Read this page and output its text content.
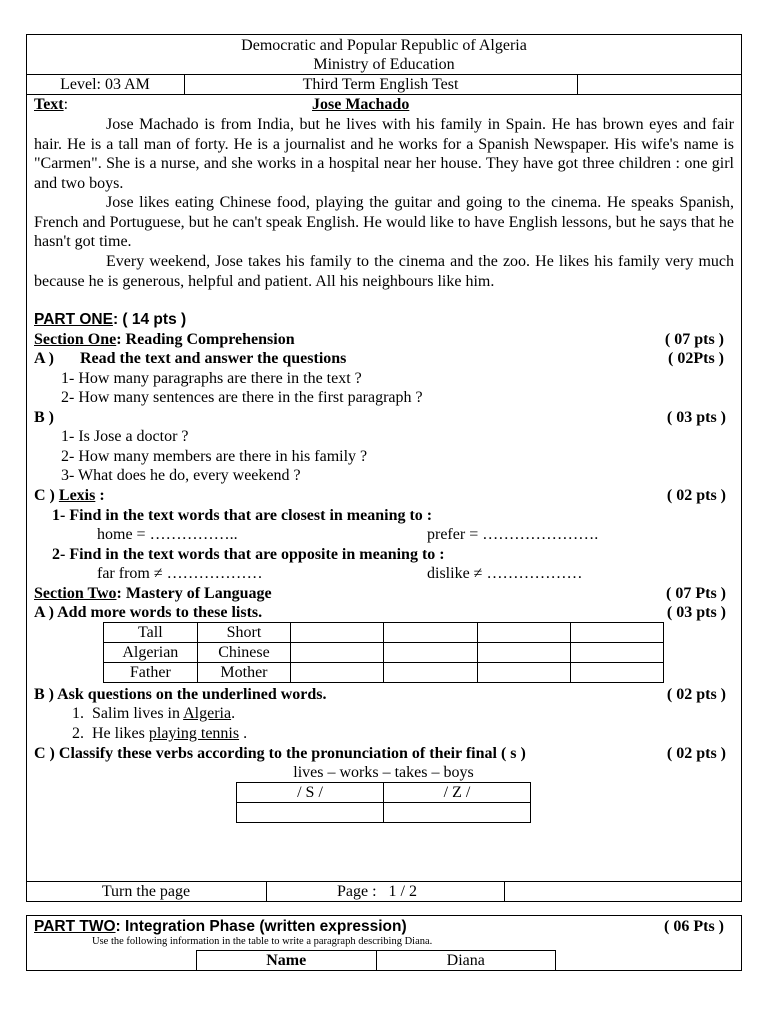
Democratic and Popular Republic of Algeria
Ministry of Education
Level: 03 AM	Third Term English Test
Text:	Jose Machado
Jose Machado is from India, but he lives with his family in Spain. He has brown eyes and fair hair. He is a tall man of forty. He is a journalist and he works for a Spanish Newspaper. His wife's name is "Carmen". She is a nurse, and she works in a hospital near her house. They have got three children : one girl and two boys.
Jose likes eating Chinese food, playing the guitar and going to the cinema. He speaks Spanish, French and Portuguese, but he can't speak English. He would like to have English lessons, but he says that he hasn't got time.
Every weekend, Jose takes his family to the cinema and the zoo. He likes his family very much because he is generous, helpful and patient. All his neighbours like him.
PART ONE: ( 14 pts )
Section One: Reading Comprehension	( 07 pts )
A ) Read the text and answer the questions	( 02Pts )
1- How many paragraphs are there in the text ?
2- How many sentences are there in the first paragraph ?
B )	( 03 pts )
1- Is Jose a doctor ?
2- How many members are there in his family ?
3- What does he do, every weekend ?
C ) Lexis :	( 02 pts )
1- Find in the text words that are closest in meaning to :
home = ……………..	prefer = ………………….
2- Find in the text words that are opposite in meaning to :
far from ≠ ………………	dislike ≠ ………………
Section Two: Mastery of Language	( 07 Pts )
A ) Add more words to these lists.	( 03 pts )
Tall	Short				
Algerian	Chinese				
Father	Mother				
B ) Ask questions on the underlined words.	( 02 pts )
1. Salim lives in Algeria.
2. He likes playing tennis .
C ) Classify these verbs according to the pronunciation of their final ( s )	( 02 pts )
lives – works – takes – boys
/ S /	/ Z /

Turn the page	Page : 1 / 2
PART TWO: Integration Phase (written expression)	( 06 Pts )
Use the following information in the table to write a paragraph describing Diana.
Name	Diana
